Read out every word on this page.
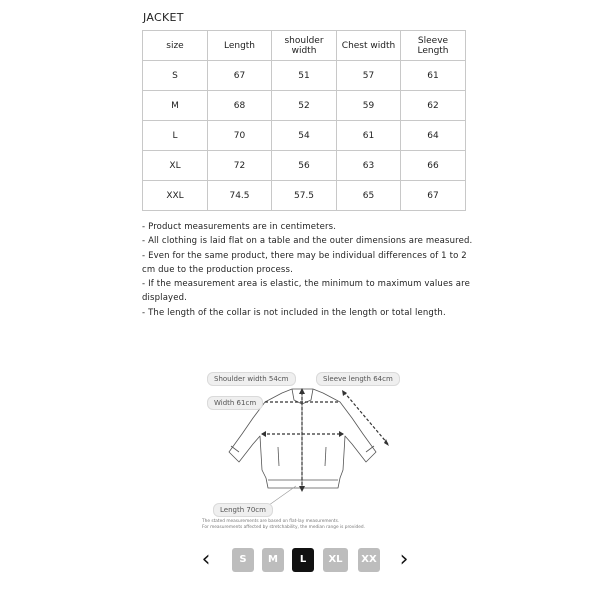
JACKET
size	Length	shoulder width	Chest width	Sleeve Length
S	67	51	57	61
M	68	52	59	62
L	70	54	61	64
XL	72	56	63	66
XXL	74.5	57.5	65	67
- Product measurements are in centimeters.
- All clothing is laid flat on a table and the outer dimensions are measured.
- Even for the same product, there may be individual differences of 1 to 2
cm due to the production process.
- If the measurement area is elastic, the minimum to maximum values are
displayed.
- The length of the collar is not included in the length or total length.
Shoulder width 54cm	Sleeve length 64cm
Width 61cm
Length 70cm
The stated measurements are based on flat-lay measurements.
For measurements affected by stretchability, the median range is provided.
‹	S	M	L	XL	XX ›
